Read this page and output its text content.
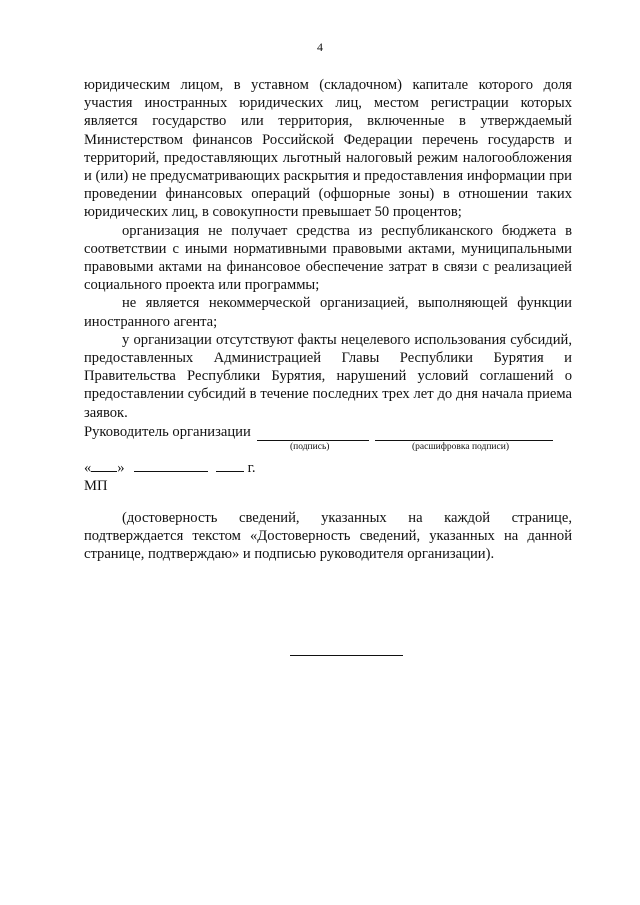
4

юридическим лицом, в уставном (складочном) капитале которого доля участия иностранных юридических лиц, местом регистрации которых является государство или территория, включенные в утверждаемый Министерством финансов Российской Федерации перечень государств и территорий, предоставляющих льготный налоговый режим налогообложения и (или) не предусматривающих раскрытия и предоставления информации при проведении финансовых операций (офшорные зоны) в отношении таких юридических лиц, в совокупности превышает 50 процентов;

организация не получает средства из республиканского бюджета в соответствии с иными нормативными правовыми актами, муниципальными правовыми актами на финансовое обеспечение затрат в связи с реализацией социального проекта или программы;

не является некоммерческой организацией, выполняющей функции иностранного агента;

у организации отсутствуют факты нецелевого использования субсидий, предоставленных Администрацией Главы Республики Бурятия и Правительства Республики Бурятия, нарушений условий соглашений о предоставлении субсидий в течение последних трех лет до дня начала приема заявок.

Руководитель организации
(подпись)	(расшифровка подписи)
« »	г.
МП

(достоверность сведений, указанных на каждой странице, подтверждается текстом «Достоверность сведений, указанных на данной странице, подтверждаю» и подписью руководителя организации).
